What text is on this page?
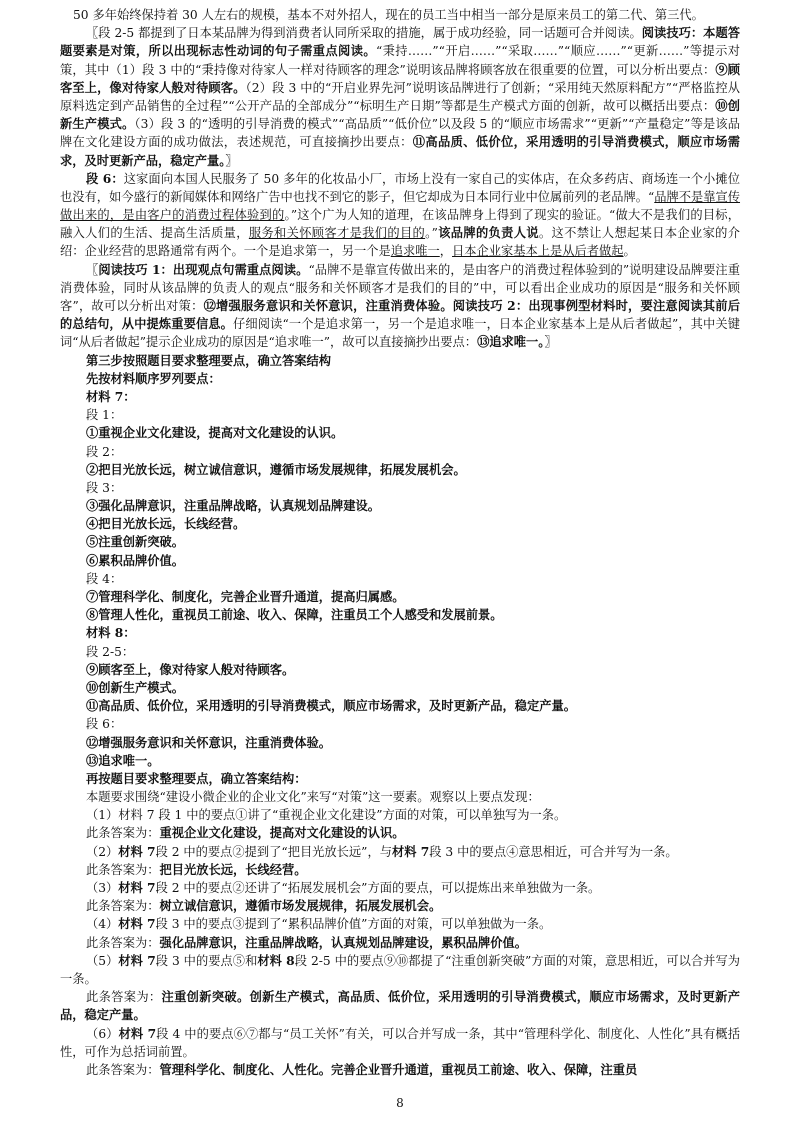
50 多年始终保持着 30 人左右的规模，基本不对外招人，现在的员工当中相当一部分是原来员工的第二代、第三代。

〖段 2-5 都提到了日本某品牌为得到消费者认同所采取的措施，属于成功经验，同一话题可合并阅读。阅读技巧：本题答题要素是对策，所以出现标志性动词的句子需重点阅读。“秉持……”“开启……”“采取……”“顺应……”“更新……”等提示对策，其中（1）段 3 中的“秉持像对待家人一样对待顾客的理念”说明该品牌将顾客放在很重要的位置，可以分析出要点：⑨顾客至上，像对待家人般对待顾客。（2）段 3 中的“开启业界先河”说明该品牌进行了创新；“采用纯天然原料配方”“严格监控从原料选定到产品销售的全过程”“公开产品的全部成分”“标明生产日期”等都是生产模式方面的创新，故可以概括出要点：⑩创新生产模式。（3）段 3 的“透明的引导消费的模式”“高品质”“低价位”以及段 5 的“顺应市场需求”“更新”“产量稳定”等是该品牌在文化建设方面的成功做法，表述规范，可直接摘抄出要点：⑪高品质、低价位，采用透明的引导消费模式，顺应市场需求，及时更新产品，稳定产量。〗

段 6：这家面向本国人民服务了 50 多年的化妆品小厂，市场上没有一家自己的实体店，在众多药店、商场连一个小摊位也没有，如今盛行的新闻媒体和网络广告中也找不到它的影子，但它却成为日本同行业中位属前列的老品牌。“品牌不是靠宣传做出来的，是由客户的消费过程体验到的。”这个广为人知的道理，在该品牌身上得到了现实的验证。“做大不是我们的目标，融入人们的生活、提高生活质量，服务和关怀顾客才是我们的目的。”该品牌的负责人说。这不禁让人想起某日本企业家的介绍：企业经营的思路通常有两个。一个是追求第一，另一个是追求唯一，日本企业家基本上是从后者做起。

〖阅读技巧 1：出现观点句需重点阅读。“品牌不是靠宣传做出来的，是由客户的消费过程体验到的”说明建设品牌要注重消费体验，同时从该品牌的负责人的观点“服务和关怀顾客才是我们的目的”中，可以看出企业成功的原因是“服务和关怀顾客”，故可以分析出对策：⑫增强服务意识和关怀意识，注重消费体验。阅读技巧 2：出现事例型材料时，要注意阅读其前后的总结句，从中提炼重要信息。仔细阅读“一个是追求第一，另一个是追求唯一，日本企业家基本上是从后者做起”，其中关键词“从后者做起”提示企业成功的原因是“追求唯一”，故可以直接摘抄出要点：⑬追求唯一。〗

第三步按照题目要求整理要点，确立答案结构

先按材料顺序罗列要点：

材料 7：

段 1：

①重视企业文化建设，提高对文化建设的认识。

段 2：

②把目光放长远，树立诚信意识，遵循市场发展规律，拓展发展机会。

段 3：

③强化品牌意识，注重品牌战略，认真规划品牌建设。

④把目光放长远，长线经营。

⑤注重创新突破。

⑥累积品牌价值。

段 4：

⑦管理科学化、制度化，完善企业晋升通道，提高归属感。

⑧管理人性化，重视员工前途、收入、保障，注重员工个人感受和发展前景。

材料 8：

段 2-5：

⑨顾客至上，像对待家人般对待顾客。

⑩创新生产模式。

⑪高品质、低价位，采用透明的引导消费模式，顺应市场需求，及时更新产品，稳定产量。

段 6：

⑫增强服务意识和关怀意识，注重消费体验。

⑬追求唯一。

再按题目要求整理要点，确立答案结构：

本题要求围绕“建设小微企业的企业文化”来写“对策”这一要素。观察以上要点发现：

（1）材料 7 段 1 中的要点①讲了“重视企业文化建设”方面的对策，可以单独写为一条。

此条答案为：重视企业文化建设，提高对文化建设的认识。

（2）材料 7段 2 中的要点②提到了“把目光放长远”，与材料 7段 3 中的要点④意思相近，可合并写为一条。

此条答案为：把目光放长远，长线经营。

（3）材料 7段 2 中的要点②还讲了“拓展发展机会”方面的要点，可以提炼出来单独做为一条。

此条答案为：树立诚信意识，遵循市场发展规律，拓展发展机会。

（4）材料 7段 3 中的要点③提到了“累积品牌价值”方面的对策，可以单独做为一条。

此条答案为：强化品牌意识，注重品牌战略，认真规划品牌建设，累积品牌价值。

（5）材料 7段 3 中的要点⑤和材料 8段 2-5 中的要点⑨⑩都提了“注重创新突破”方面的对策，意思相近，可以合并写为一条。

此条答案为：注重创新突破。创新生产模式，高品质、低价位，采用透明的引导消费模式，顺应市场需求，及时更新产品，稳定产量。

（6）材料 7段 4 中的要点⑥⑦都与“员工关怀”有关，可以合并写成一条，其中“管理科学化、制度化、人性化”具有概括性，可作为总括词前置。

此条答案为：管理科学化、制度化、人性化。完善企业晋升通道，重视员工前途、收入、保障，注重员

8
